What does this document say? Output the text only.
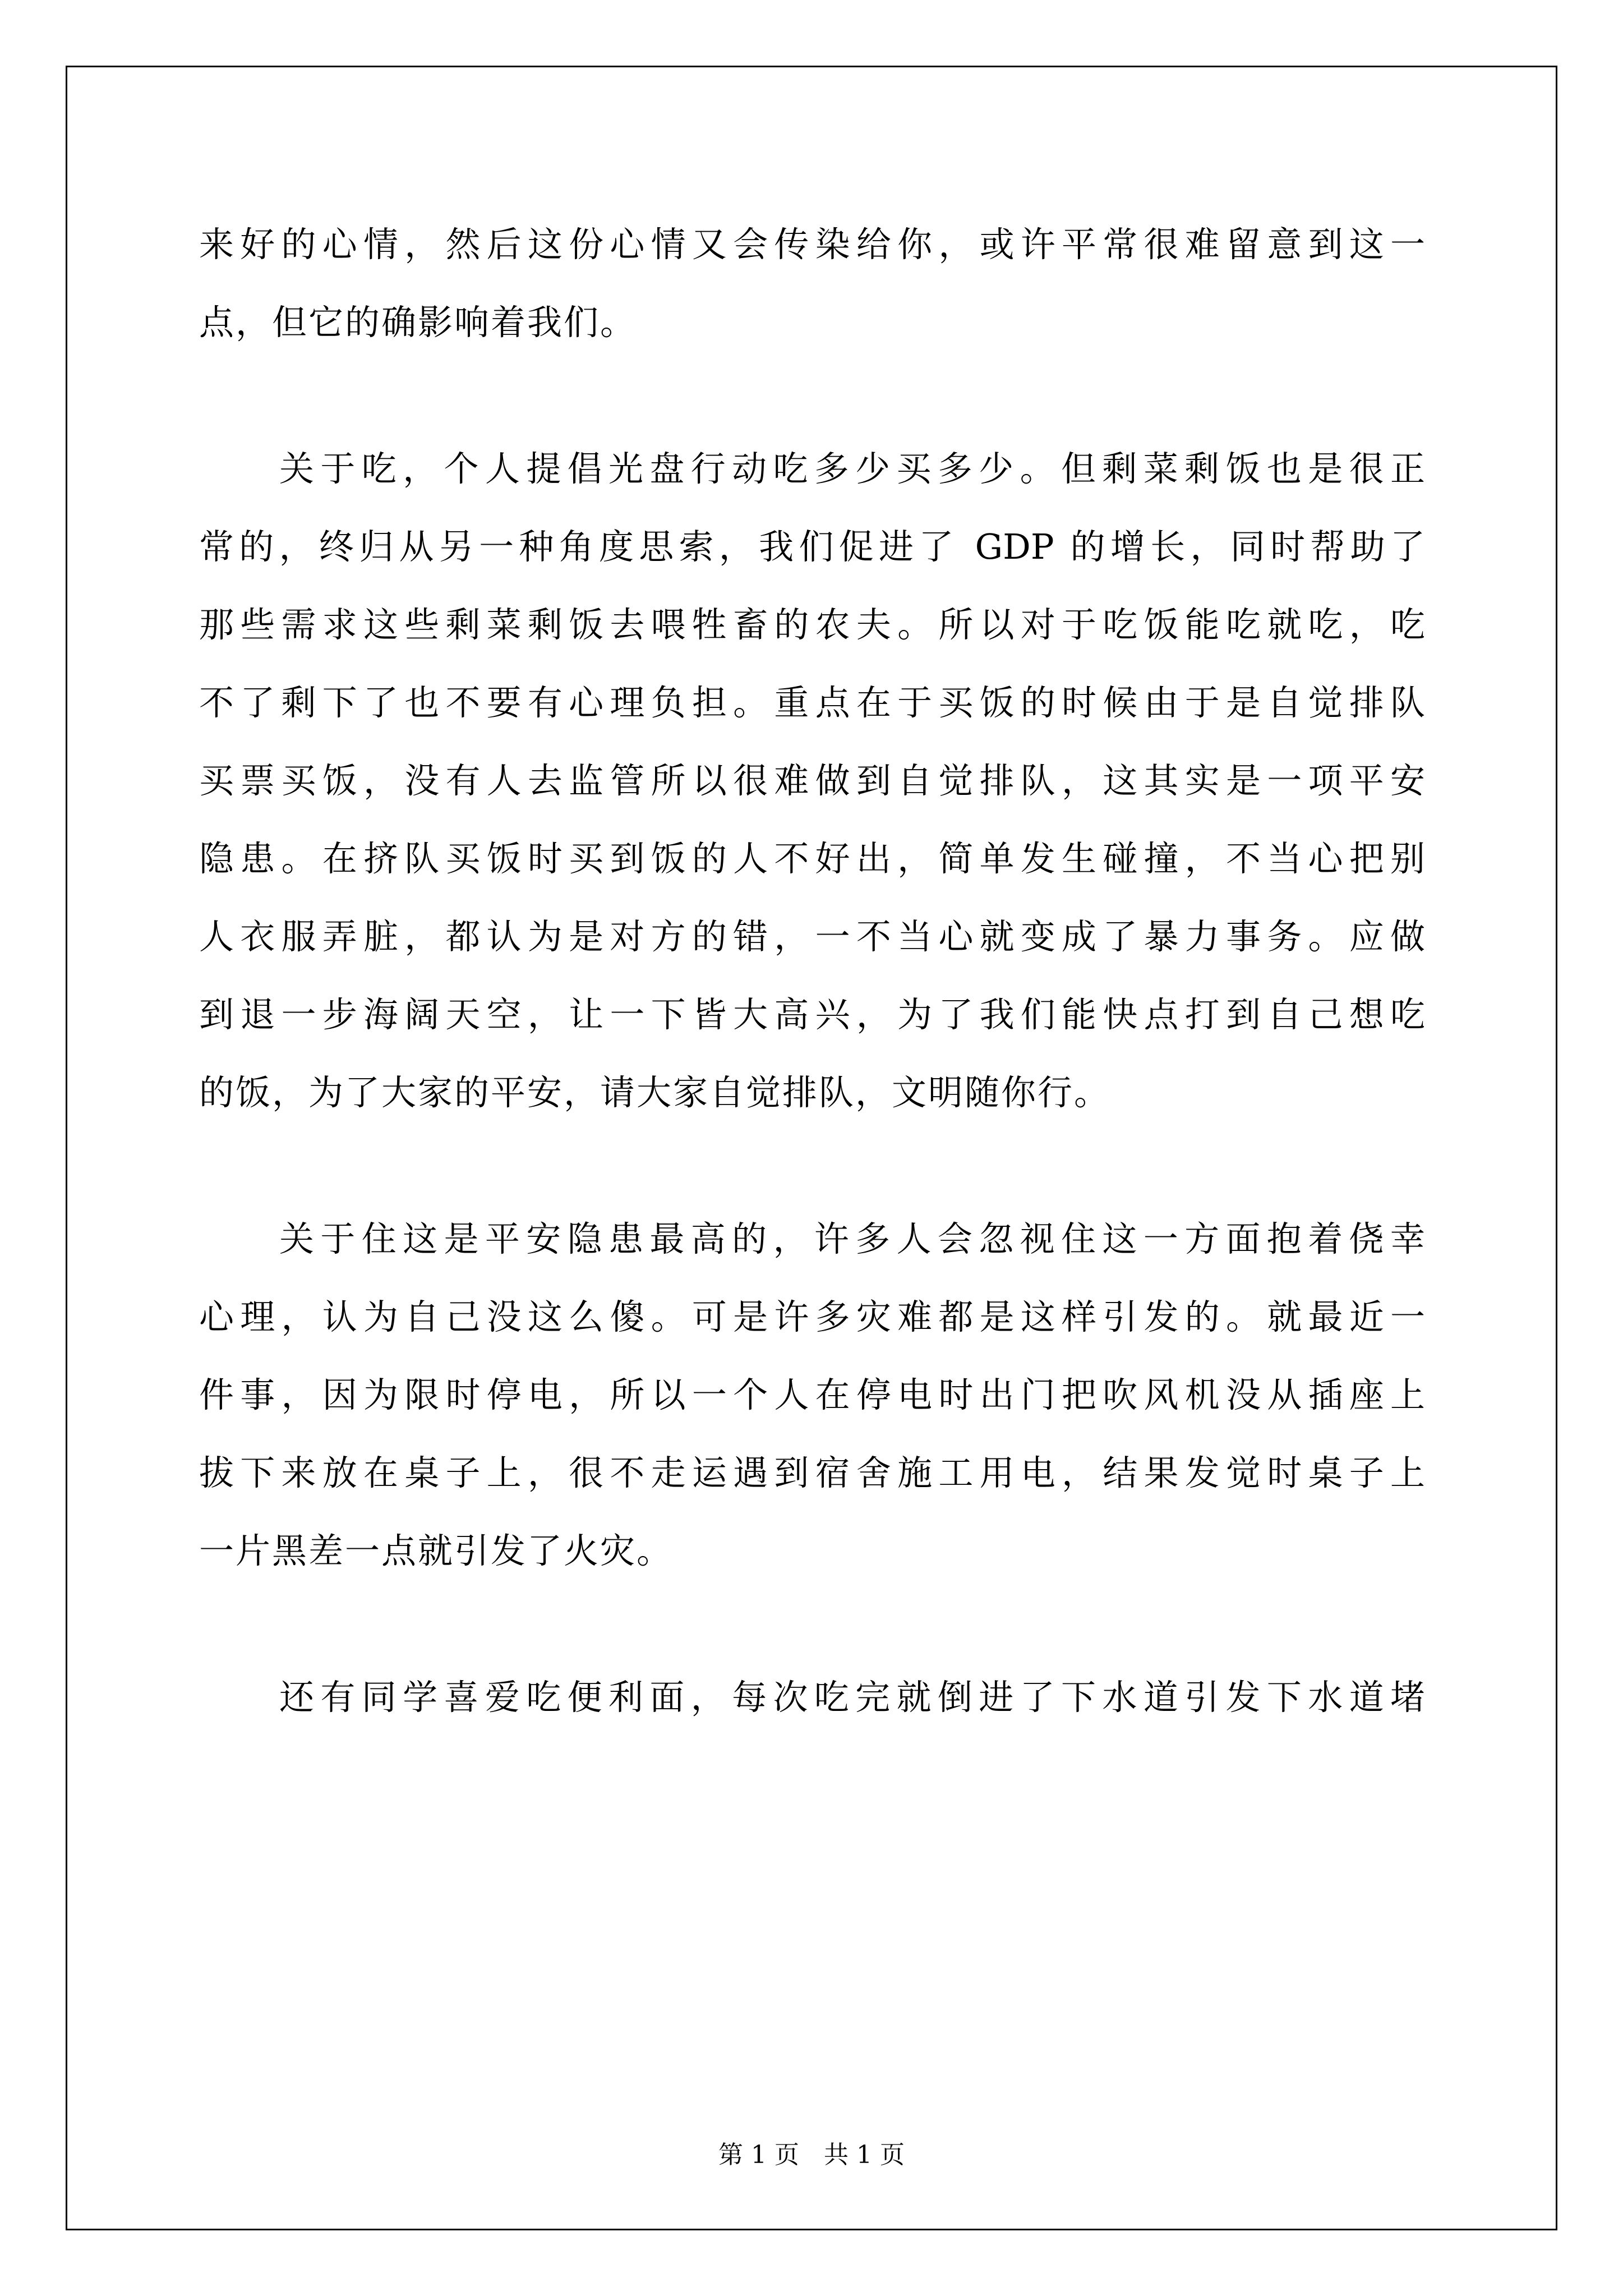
来好的心情，然后这份心情又会传染给你，或许平常很难留意到这一
点，但它的确影响着我们。
关于吃，个人提倡光盘行动吃多少买多少。但剩菜剩饭也是很正
常的，终归从另一种角度思索，我们促进了 GDP 的增长，同时帮助了
那些需求这些剩菜剩饭去喂牲畜的农夫。所以对于吃饭能吃就吃，吃
不了剩下了也不要有心理负担。重点在于买饭的时候由于是自觉排队
买票买饭，没有人去监管所以很难做到自觉排队，这其实是一项平安
隐患。在挤队买饭时买到饭的人不好出，简单发生碰撞，不当心把别
人衣服弄脏，都认为是对方的错，一不当心就变成了暴力事务。应做
到退一步海阔天空，让一下皆大高兴，为了我们能快点打到自己想吃
的饭，为了大家的平安，请大家自觉排队，文明随你行。
关于住这是平安隐患最高的，许多人会忽视住这一方面抱着侥幸
心理，认为自己没这么傻。可是许多灾难都是这样引发的。就最近一
件事，因为限时停电，所以一个人在停电时出门把吹风机没从插座上
拔下来放在桌子上，很不走运遇到宿舍施工用电，结果发觉时桌子上
一片黑差一点就引发了火灾。
还有同学喜爱吃便利面，每次吃完就倒进了下水道引发下水道堵
第 1 页　共 1 页
